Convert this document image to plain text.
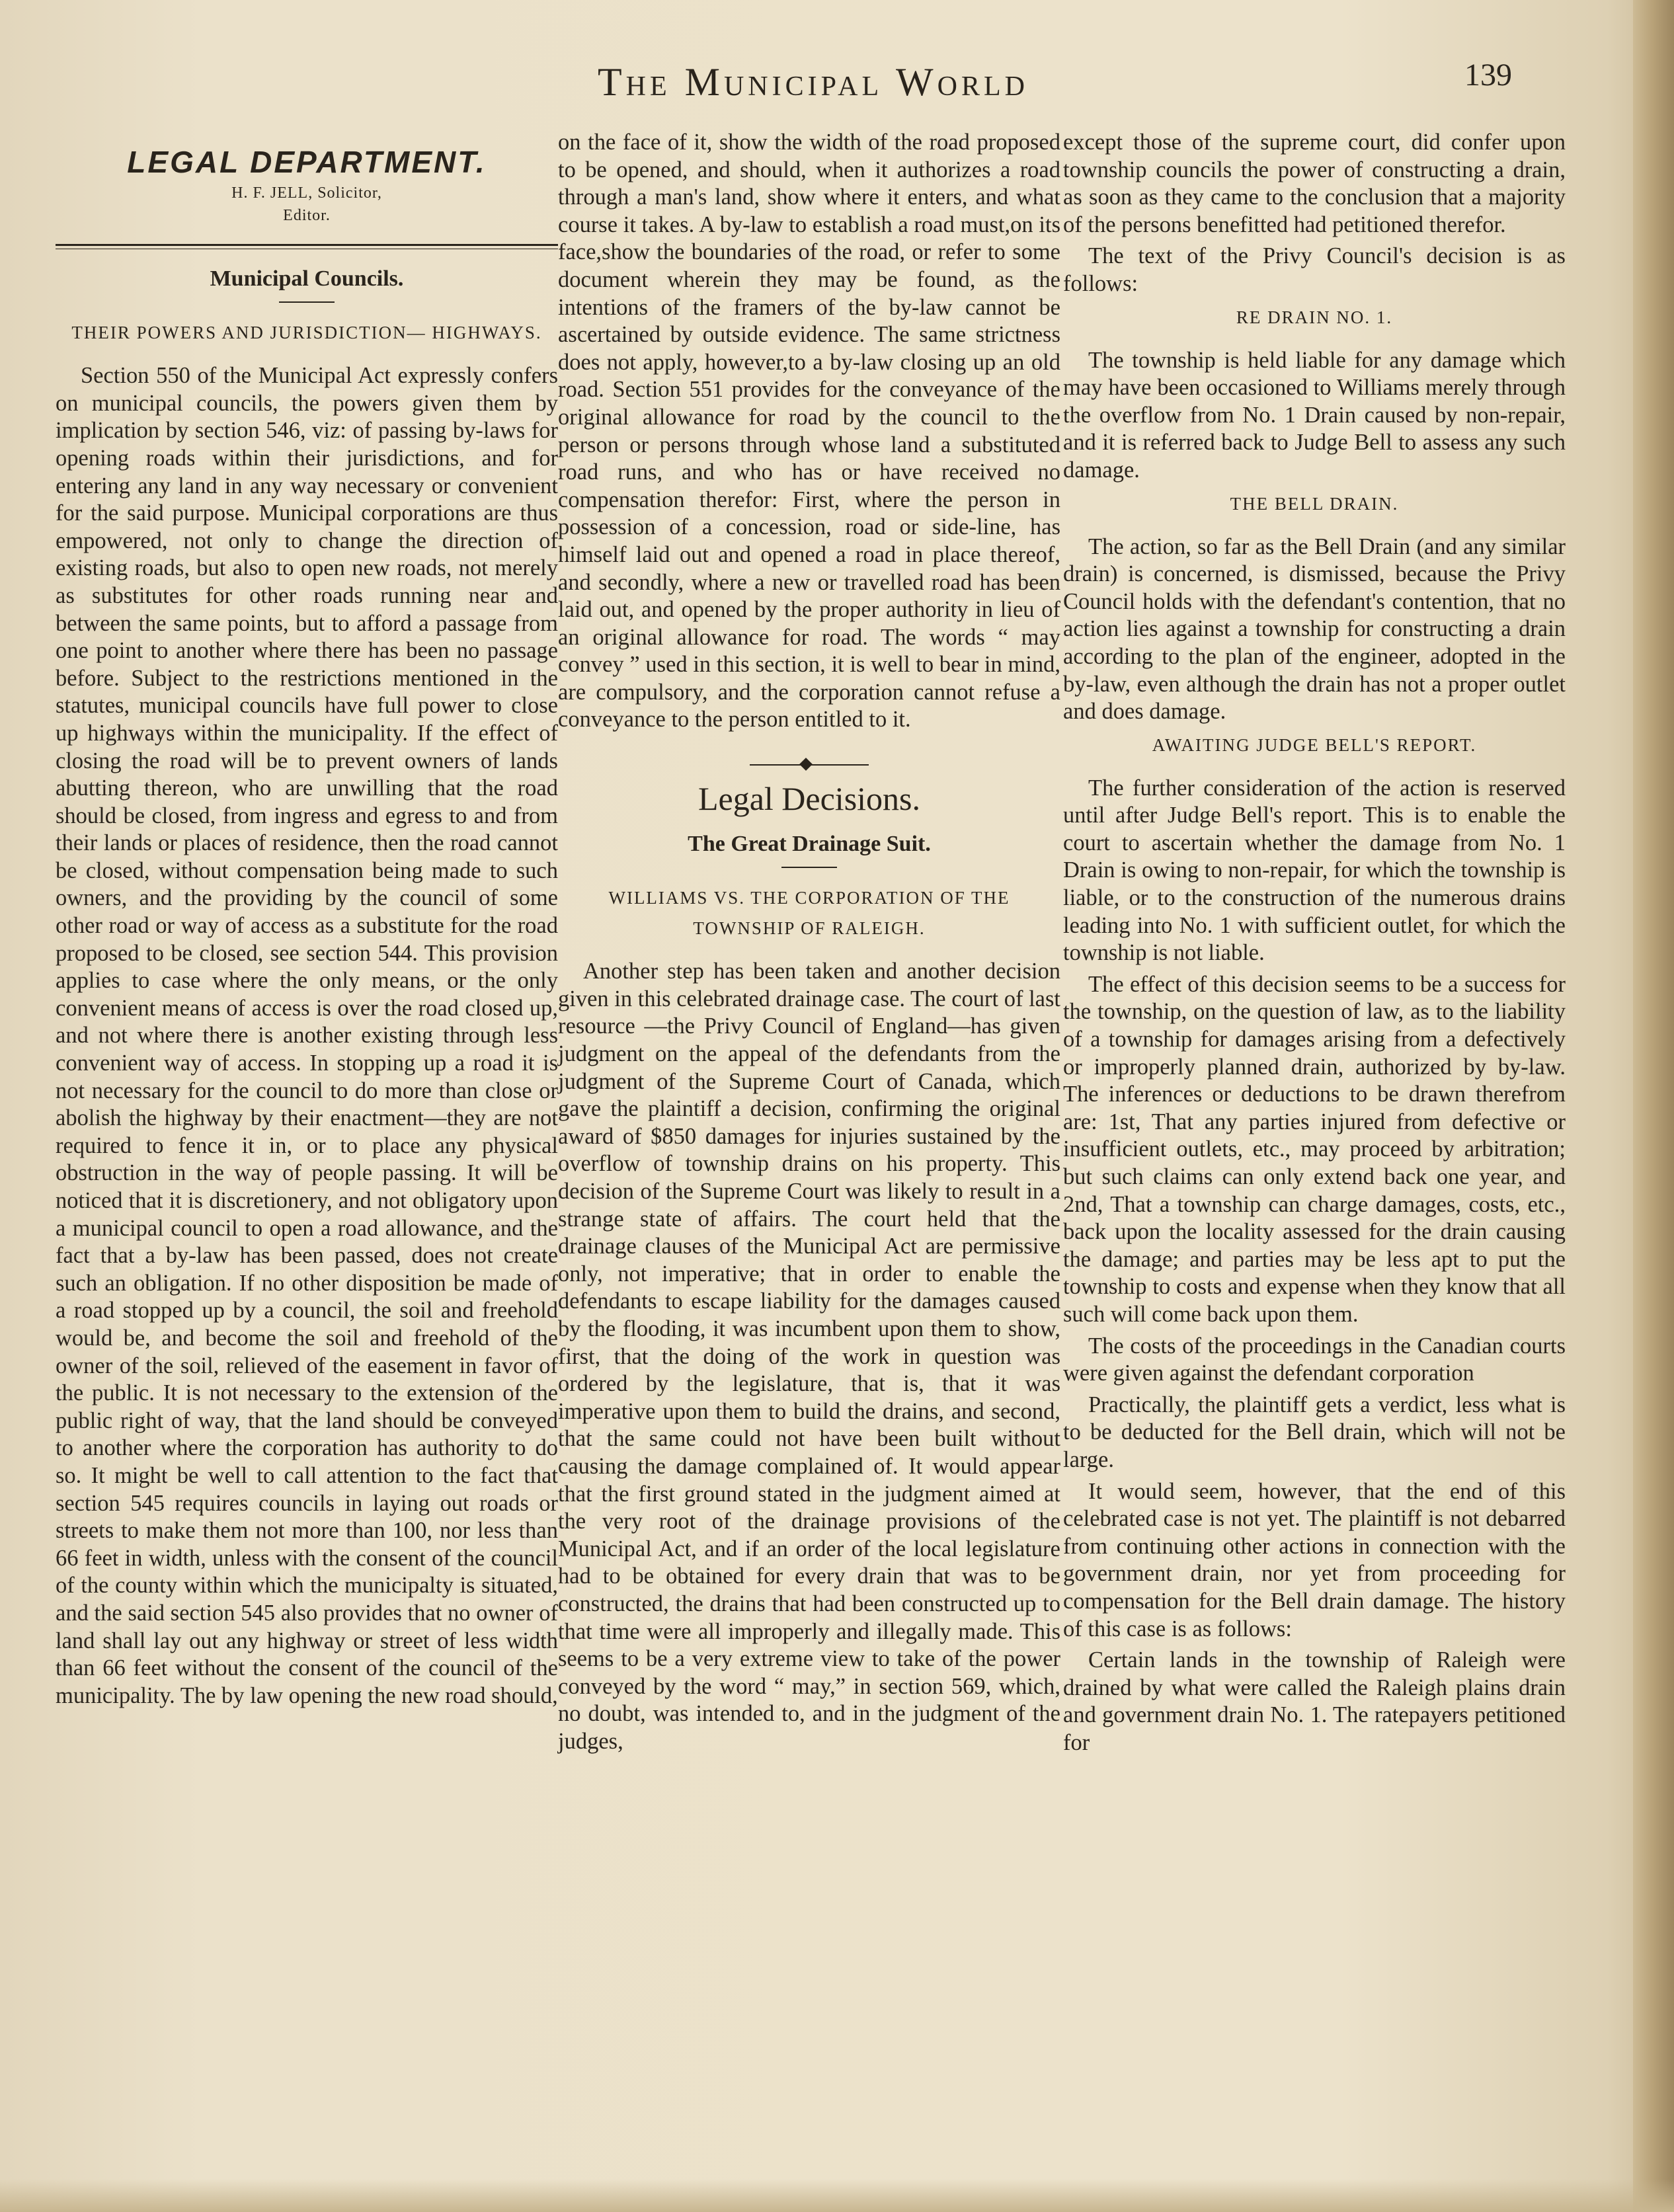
The Municipal World	139
LEGAL DEPARTMENT.
H. F. JELL, Solicitor,
Editor.
Municipal Councils.
THEIR POWERS AND JURISDICTION— HIGHWAYS.

Section 550 of the Municipal Act expressly confers on municipal councils, the powers given them by implication by section 546, viz: of passing by-laws for opening roads within their jurisdictions, and for entering any land in any way necessary or convenient for the said purpose. Municipal corporations are thus empowered, not only to change the direction of existing roads, but also to open new roads, not merely as substitutes for other roads running near and between the same points, but to afford a passage from one point to another where there has been no passage before. Subject to the restrictions mentioned in the statutes, municipal councils have full power to close up highways within the municipality. If the effect of closing the road will be to prevent owners of lands abutting thereon, who are unwilling that the road should be closed, from ingress and egress to and from their lands or places of residence, then the road cannot be closed, without compensation being made to such owners, and the providing by the council of some other road or way of access as a substitute for the road proposed to be closed, see section 544. This provision applies to case where the only means, or the only convenient means of access is over the road closed up, and not where there is another existing through less convenient way of access. In stopping up a road it is not necessary for the council to do more than close or abolish the highway by their enactment—they are not required to fence it in, or to place any physical obstruction in the way of people passing. It will be noticed that it is discretionery, and not obligatory upon a municipal council to open a road allowance, and the fact that a by-law has been passed, does not create such an obligation. If no other disposition be made of a road stopped up by a council, the soil and freehold would be, and become the soil and freehold of the owner of the soil, relieved of the easement in favor of the public. It is not necessary to the extension of the public right of way, that the land should be conveyed to another where the corporation has authority to do so. It might be well to call attention to the fact that section 545 requires councils in laying out roads or streets to make them not more than 100, nor less than 66 feet in width, unless with the consent of the council of the county within which the municipalty is situated, and the said section 545 also provides that no owner of land shall lay out any highway or street of less width than 66 feet without the consent of the council of the municipality. The by law opening the new road should,

on the face of it, show the width of the road proposed to be opened, and should, when it authorizes a road through a man's land, show where it enters, and what course it takes. A by-law to establish a road must,on its face,show the boundaries of the road, or refer to some document wherein they may be found, as the intentions of the framers of the by-law cannot be ascertained by outside evidence. The same strictness does not apply, however,to a by-law closing up an old road. Section 551 provides for the conveyance of the original allowance for road by the council to the person or persons through whose land a substituted road runs, and who has or have received no compensation therefor: First, where the person in possession of a concession, road or side-line, has himself laid out and opened a road in place thereof, and secondly, where a new or travelled road has been laid out, and opened by the proper authority in lieu of an original allowance for road. The words “ may convey ” used in this section, it is well to bear in mind, are compulsory, and the corporation cannot refuse a conveyance to the person entitled to it.

Legal Decisions.
The Great Drainage Suit.
WILLIAMS VS. THE CORPORATION OF THE TOWNSHIP OF RALEIGH.

Another step has been taken and another decision given in this celebrated drainage case. The court of last resource —the Privy Council of England—has given judgment on the appeal of the defendants from the judgment of the Supreme Court of Canada, which gave the plaintiff a decision, confirming the original award of $850 damages for injuries sustained by the overflow of township drains on his property. This decision of the Supreme Court was likely to result in a strange state of affairs. The court held that the drainage clauses of the Municipal Act are permissive only, not imperative; that in order to enable the defendants to escape liability for the damages caused by the flooding, it was incumbent upon them to show, first, that the doing of the work in question was ordered by the legislature, that is, that it was imperative upon them to build the drains, and second, that the same could not have been built without causing the damage complained of. It would appear that the first ground stated in the judgment aimed at the very root of the drainage provisions of the Municipal Act, and if an order of the local legislature had to be obtained for every drain that was to be constructed, the drains that had been constructed up to that time were all improperly and illegally made. This seems to be a very extreme view to take of the power conveyed by the word “ may,” in section 569, which, no doubt, was intended to, and in the judgment of the judges,

except those of the supreme court, did confer upon township councils the power of constructing a drain, as soon as they came to the conclusion that a majority of the persons benefitted had petitioned therefor.

The text of the Privy Council's decision is as follows:

RE DRAIN NO. 1.

The township is held liable for any damage which may have been occasioned to Williams merely through the overflow from No. 1 Drain caused by non-repair, and it is referred back to Judge Bell to assess any such damage.

THE BELL DRAIN.

The action, so far as the Bell Drain (and any similar drain) is concerned, is dismissed, because the Privy Council holds with the defendant's contention, that no action lies against a township for constructing a drain according to the plan of the engineer, adopted in the by-law, even although the drain has not a proper outlet and does damage.

AWAITING JUDGE BELL'S REPORT.

The further consideration of the action is reserved until after Judge Bell's report. This is to enable the court to ascertain whether the damage from No. 1 Drain is owing to non-repair, for which the township is liable, or to the construction of the numerous drains leading into No. 1 with sufficient outlet, for which the township is not liable.

The effect of this decision seems to be a success for the township, on the question of law, as to the liability of a township for damages arising from a defectively or improperly planned drain, authorized by by-law. The inferences or deductions to be drawn therefrom are: 1st, That any parties injured from defective or insufficient outlets, etc., may proceed by arbitration; but such claims can only extend back one year, and 2nd, That a township can charge damages, costs, etc., back upon the locality assessed for the drain causing the damage; and parties may be less apt to put the township to costs and expense when they know that all such will come back upon them.

The costs of the proceedings in the Canadian courts were given against the defendant corporation

Practically, the plaintiff gets a verdict, less what is to be deducted for the Bell drain, which will not be large.

It would seem, however, that the end of this celebrated case is not yet. The plaintiff is not debarred from continuing other actions in connection with the government drain, nor yet from proceeding for compensation for the Bell drain damage. The history of this case is as follows:

Certain lands in the township of Raleigh were drained by what were called the Raleigh plains drain and government drain No. 1. The ratepayers petitioned for
